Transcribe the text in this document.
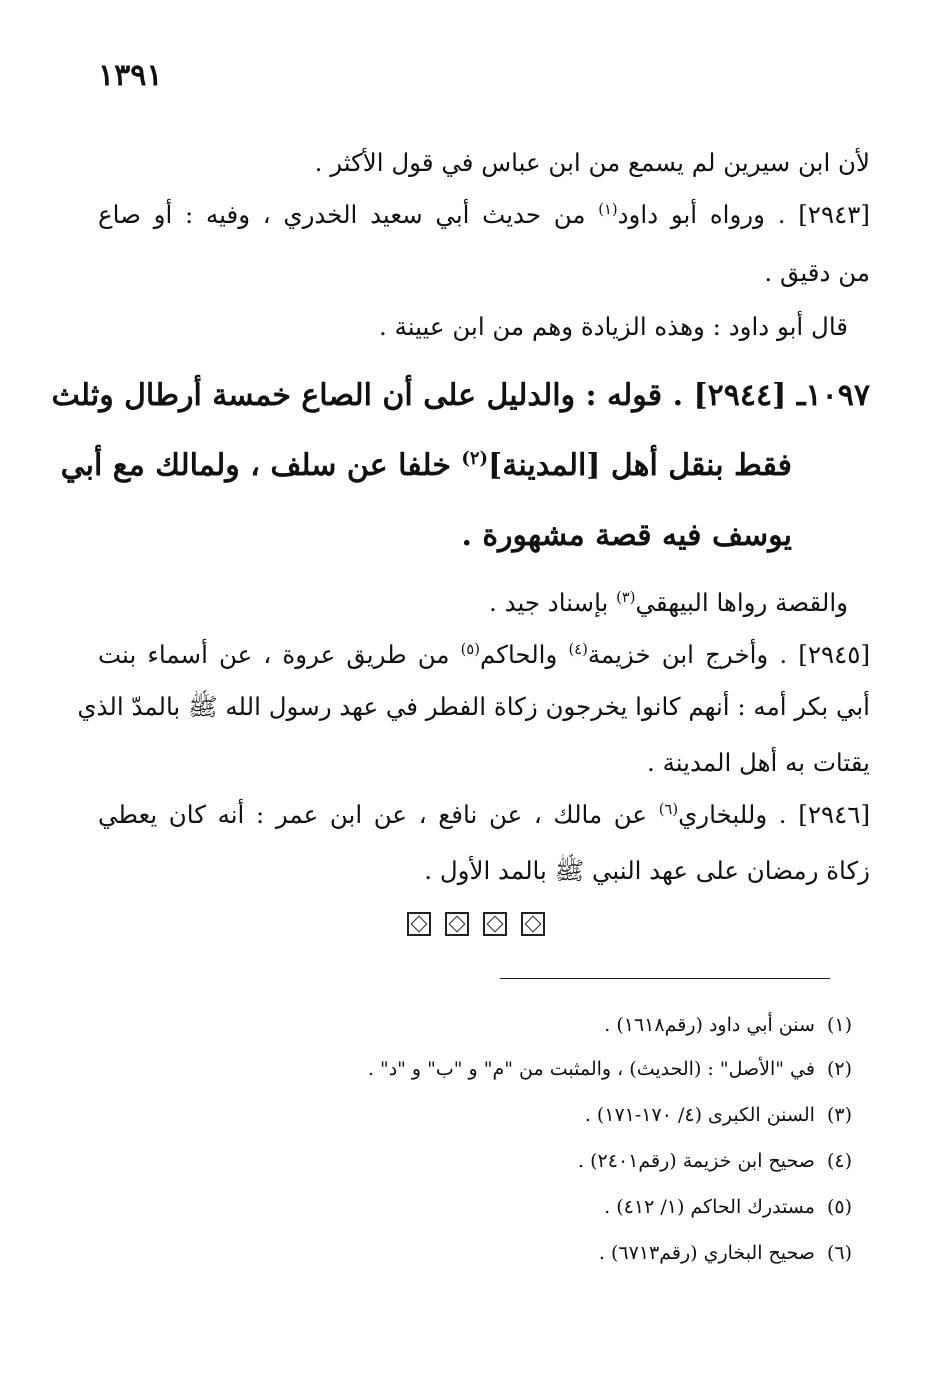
١٣٩١
لأن ابن سيرين لم يسمع من ابن عباس في قول الأكثر .
[٢٩٤٣] . ورواه أبو داود$^{(١)}$ من حديث أبي سعيد الخدري ، وفيه : أو صاع
من دقيق .
قال أبو داود : وهذه الزيادة وهم من ابن عيينة .
١٠٩٧ـ [٢٩٤٤] . قوله : والدليل على أن الصاع خمسة أرطال وثلث
فقط بنقل أهل [المدينة]$^{(٢)}$ خلفا عن سلف ، ولمالك مع أبي
يوسف فيه قصة مشهورة .
والقصة رواها البيهقي$^{(٣)}$ بإسناد جيد .
[٢٩٤٥] . وأخرج ابن خزيمة$^{(٤)}$ والحاكم$^{(٥)}$ من طريق عروة ، عن أسماء بنت
أبي بكر أمه : أنهم كانوا يخرجون زكاة الفطر في عهد رسول الله ﷺ بالمدّ الذي
يقتات به أهل المدينة .
[٢٩٤٦] . وللبخاري$^{(٦)}$ عن مالك ، عن نافع ، عن ابن عمر : أنه كان يعطي
زكاة رمضان على عهد النبي ﷺ بالمد الأول .
(١)سنن أبي داود (رقم١٦١٨) .
(٢)في "الأصل" : (الحديث) ، والمثبت من "م" و "ب" و "د" .
(٣)السنن الكبرى (٤/ ١٧٠-١٧١) .
(٤)صحيح ابن خزيمة (رقم٢٤٠١) .
(٥)مستدرك الحاكم (١/ ٤١٢) .
(٦)صحيح البخاري (رقم٦٧١٣) .
